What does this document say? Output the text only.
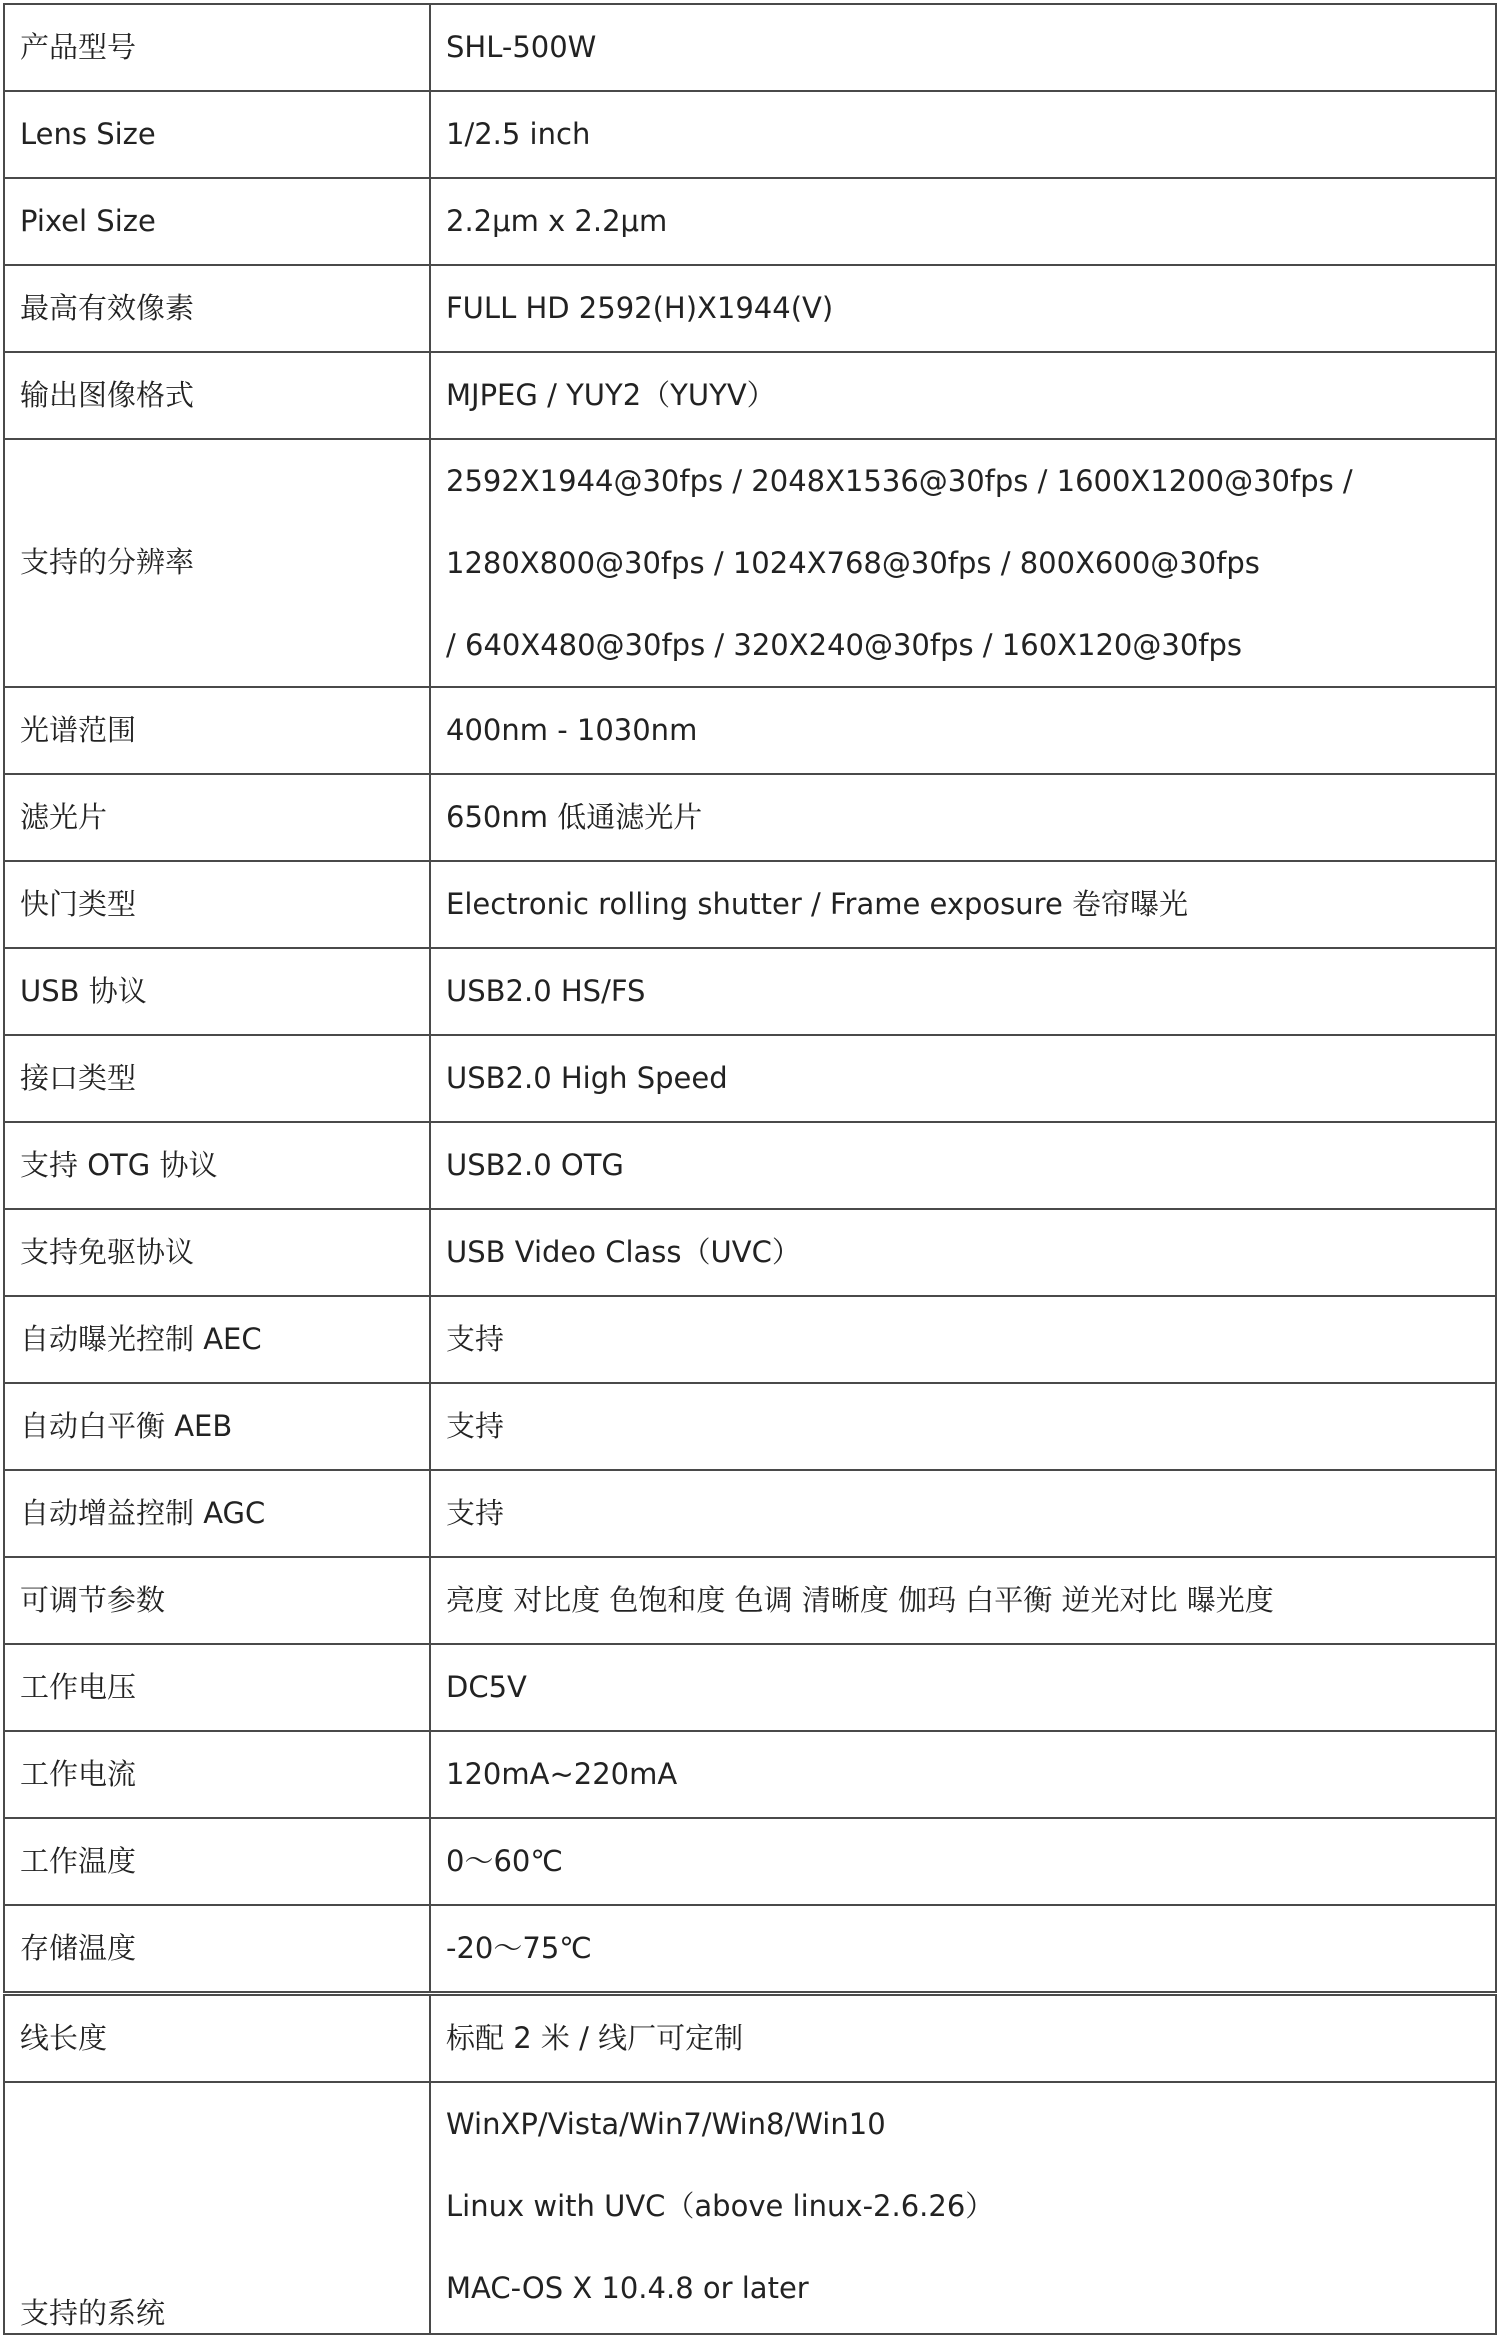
产品型号	SHL-500W
Lens Size	1/2.5 inch
Pixel Size	2.2μm x 2.2μm
最高有效像素	FULL HD 2592(H)X1944(V)
输出图像格式	MJPEG / YUY2（YUYV）
支持的分辨率	2592X1944@30fps / 2048X1536@30fps / 1600X1200@30fps /
1280X800@30fps / 1024X768@30fps / 800X600@30fps
/ 640X480@30fps / 320X240@30fps / 160X120@30fps

光谱范围	400nm - 1030nm
滤光片	650nm 低通滤光片
快门类型	Electronic rolling shutter / Frame exposure 卷帘曝光
USB 协议	USB2.0 HS/FS
接口类型	USB2.0 High Speed
支持 OTG 协议	USB2.0 OTG
支持免驱协议	USB Video Class（UVC）
自动曝光控制 AEC	支持
自动白平衡 AEB	支持
自动增益控制 AGC	支持
可调节参数	亮度 对比度 色饱和度 色调 清晰度 伽玛 白平衡 逆光对比 曝光度
工作电压	DC5V
工作电流	120mA~220mA
工作温度	0～60℃
存储温度	-20～75℃
线长度	标配 2 米 / 线厂可定制

支持的系统	WinXP/Vista/Win7/Win8/Win10
Linux with UVC（above linux-2.6.26）
MAC-OS X 10.4.8 or later
